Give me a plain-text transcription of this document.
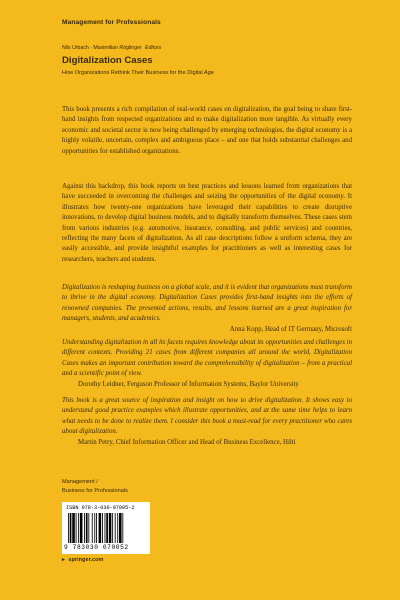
Management for Professionals
Nils Urbach · Maximilian Röglinger Editors
Digitalization Cases
How Organizations Rethink Their Business for the Digital Age

This book presents a rich compilation of real-world cases on digitalization, the goal being to share first-hand insights from respected organizations and to make digitalization more tangible. As virtually every economic and societal sector is now being challenged by emerging technologies, the digital economy is a highly volatile, uncertain, complex and ambiguous place – and one that holds substantial challenges and opportunities for established organizations.

Against this backdrop, this book reports on best practices and lessons learned from organizations that have succeeded in overcoming the challenges and seizing the opportunities of the digital economy. It illustrates how twenty-one organizations have leveraged their capabilities to create disruptive innovations, to develop digital business models, and to digitally transform themselves. These cases stem from various industries (e.g. automotive, insurance, consulting, and public services) and countries, reflecting the many facets of digitalization. As all case descriptions follow a uniform schema, they are easily accessible, and provide insightful examples for practitioners as well as interesting cases for researchers, teachers and students.

Digitalization is reshaping business on a global scale, and it is evident that organizations must transform to thrive in the digital economy. Digitalization Cases provides first-hand insights into the efforts of renowned companies. The presented actions, results, and lessons learned are a great inspiration for managers, students, and academics.

Anna Kopp, Head of IT Germany, Microsoft

Understanding digitalization in all its facets requires knowledge about its opportunities and challenges in different contexts. Providing 21 cases from different companies all around the world, Digitalization Cases makes an important contribution toward the comprehensibility of digitalization – from a practical and a scientific point of view.

Dorothy Leidner, Ferguson Professor of Information Systems, Baylor University

This book is a great source of inspiration and insight on how to drive digitalization. It shows easy to understand good practice examples which illustrate opportunities, and at the same time helps to learn what needs to be done to realize them. I consider this book a must-read for every practitioner who cares about digitalization.

Martin Petry, Chief Information Officer and Head of Business Excellence, Hilti
Management /
Business for Professionals
ISBN 978-3-030-07005-2
9 783030 070052
▸ springer.com
